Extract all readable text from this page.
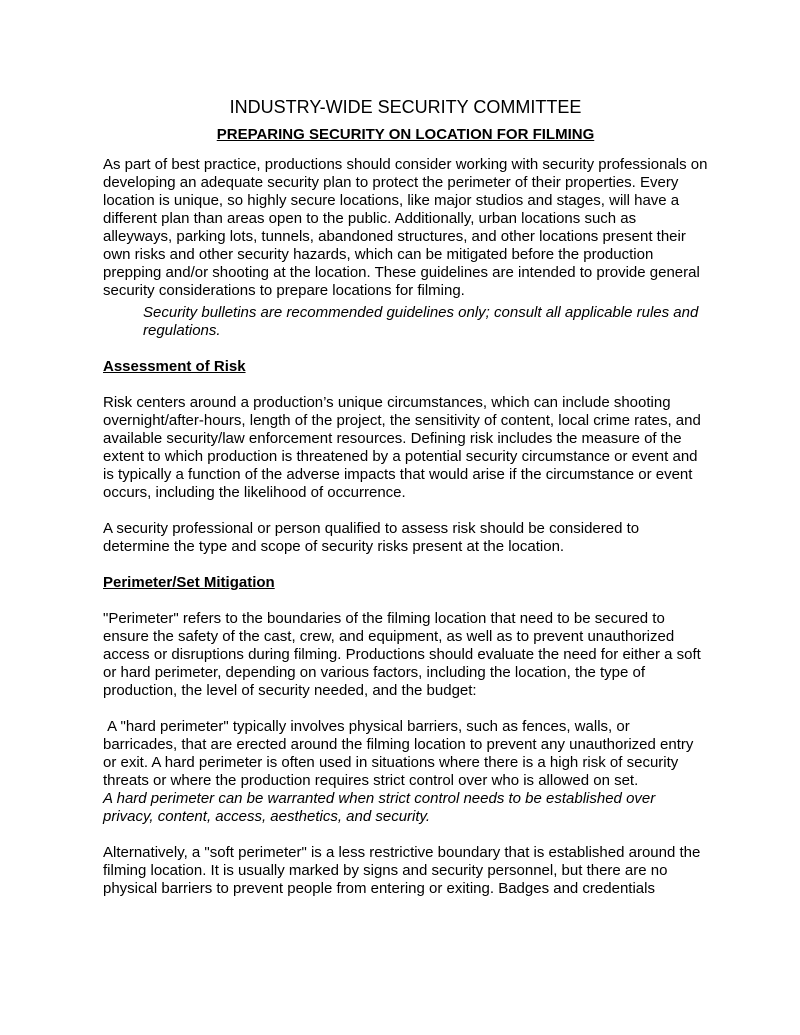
INDUSTRY-WIDE SECURITY COMMITTEE
PREPARING SECURITY ON LOCATION FOR FILMING

As part of best practice, productions should consider working with security professionals on developing an adequate security plan to protect the perimeter of their properties. Every location is unique, so highly secure locations, like major studios and stages, will have a different plan than areas open to the public. Additionally, urban locations such as alleyways, parking lots, tunnels, abandoned structures, and other locations present their own risks and other security hazards, which can be mitigated before the production prepping and/or shooting at the location. These guidelines are intended to provide general security considerations to prepare locations for filming.

Security bulletins are recommended guidelines only; consult all applicable rules and regulations.

Assessment of Risk

Risk centers around a production’s unique circumstances, which can include shooting overnight/after-hours, length of the project, the sensitivity of content, local crime rates, and available security/law enforcement resources. Defining risk includes the measure of the extent to which production is threatened by a potential security circumstance or event and is typically a function of the adverse impacts that would arise if the circumstance or event occurs, including the likelihood of occurrence.

A security professional or person qualified to assess risk should be considered to determine the type and scope of security risks present at the location.

Perimeter/Set Mitigation

"Perimeter" refers to the boundaries of the filming location that need to be secured to ensure the safety of the cast, crew, and equipment, as well as to prevent unauthorized access or disruptions during filming. Productions should evaluate the need for either a soft or hard perimeter, depending on various factors, including the location, the type of production, the level of security needed, and the budget:

A "hard perimeter" typically involves physical barriers, such as fences, walls, or barricades, that are erected around the filming location to prevent any unauthorized entry or exit. A hard perimeter is often used in situations where there is a high risk of security threats or where the production requires strict control over who is allowed on set.

A hard perimeter can be warranted when strict control needs to be established over privacy, content, access, aesthetics, and security.

Alternatively, a "soft perimeter" is a less restrictive boundary that is established around the filming location. It is usually marked by signs and security personnel, but there are no physical barriers to prevent people from entering or exiting. Badges and credentials
